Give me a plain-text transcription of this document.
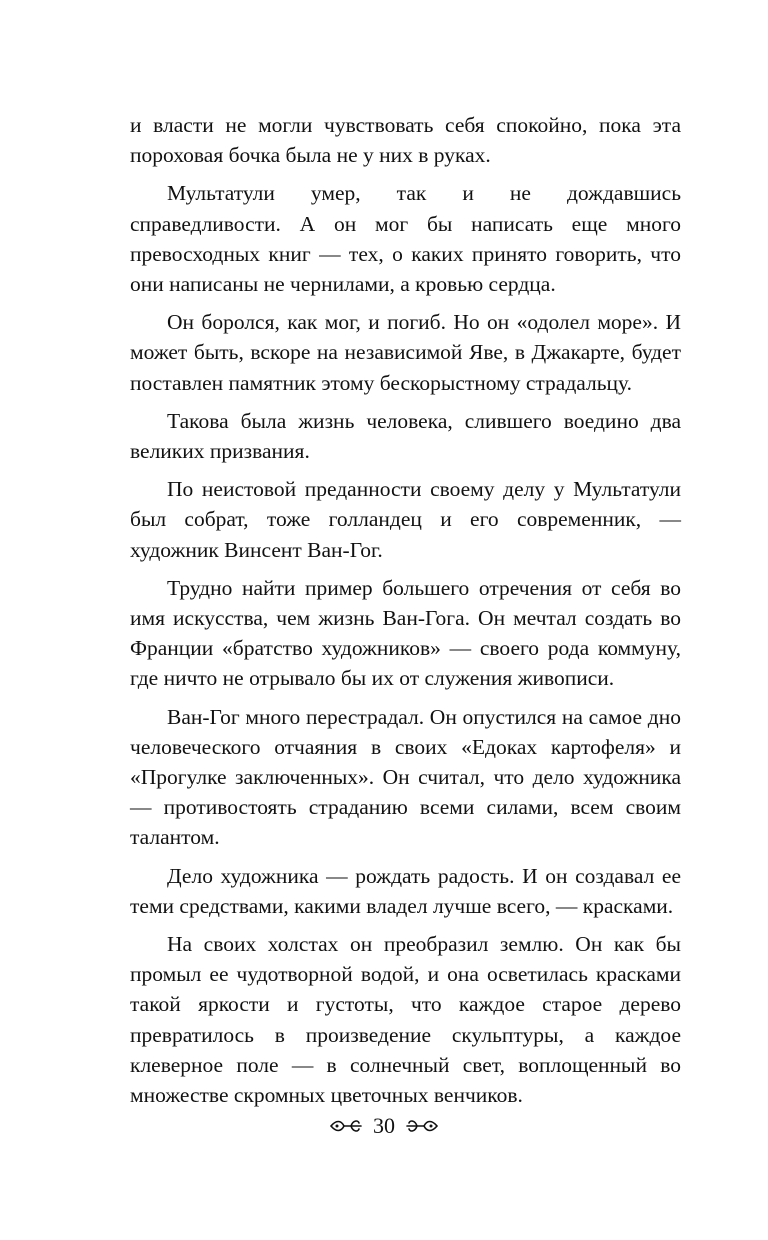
и власти не могли чувствовать себя спокойно, пока эта пороховая бочка была не у них в руках.

Мультатули умер, так и не дождавшись справедливости. А он мог бы написать еще много превосходных книг — тех, о каких принято говорить, что они написаны не чернилами, а кровью сердца.

Он боролся, как мог, и погиб. Но он «одолел море». И может быть, вскоре на независимой Яве, в Джакарте, будет поставлен памятник этому бескорыстному страдальцу.

Такова была жизнь человека, слившего воедино два великих призвания.

По неистовой преданности своему делу у Мультатули был собрат, тоже голландец и его современник, — художник Винсент Ван-Гог.

Трудно найти пример большего отречения от себя во имя искусства, чем жизнь Ван-Гога. Он мечтал создать во Франции «братство художников» — своего рода коммуну, где ничто не отрывало бы их от служения живописи.

Ван-Гог много перестрадал. Он опустился на самое дно человеческого отчаяния в своих «Едоках картофеля» и «Прогулке заключенных». Он считал, что дело художника — противостоять страданию всеми силами, всем своим талантом.

Дело художника — рождать радость. И он создавал ее теми средствами, какими владел лучше всего, — красками.

На своих холстах он преобразил землю. Он как бы промыл ее чудотворной водой, и она осветилась красками такой яркости и густоты, что каждое старое дерево превратилось в произведение скульптуры, а каждое клеверное поле — в солнечный свет, воплощенный во множестве скромных цветочных венчиков.

30
